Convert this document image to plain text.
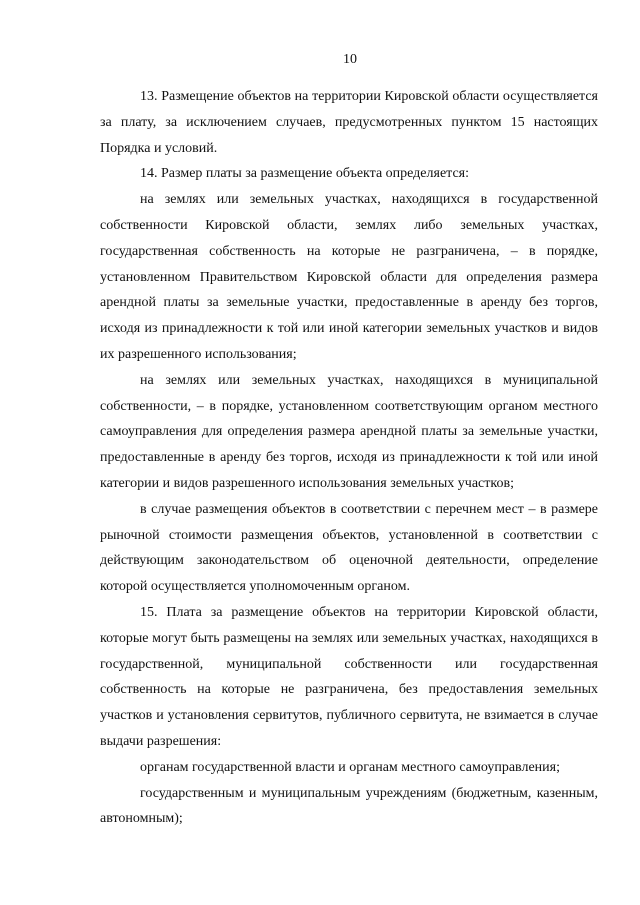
10

13. Размещение объектов на территории Кировской области осуществляется за плату, за исключением случаев, предусмотренных пунктом 15 настоящих Порядка и условий.

14. Размер платы за размещение объекта определяется:

на землях или земельных участках, находящихся в государственной собственности Кировской области, землях либо земельных участках, государственная собственность на которые не разграничена, – в порядке, установленном Правительством Кировской области для определения размера арендной платы за земельные участки, предоставленные в аренду без торгов, исходя из принадлежности к той или иной категории земельных участков и видов их разрешенного использования;

на землях или земельных участках, находящихся в муниципальной собственности, – в порядке, установленном соответствующим органом местного самоуправления для определения размера арендной платы за земельные участки, предоставленные в аренду без торгов, исходя из принадлежности к той или иной категории и видов разрешенного использования земельных участков;

в случае размещения объектов в соответствии с перечнем мест – в размере рыночной стоимости размещения объектов, установленной в соответствии с действующим законодательством об оценочной деятельности, определение которой осуществляется уполномоченным органом.

15. Плата за размещение объектов на территории Кировской области, которые могут быть размещены на землях или земельных участках, находящихся в государственной, муниципальной собственности или государственная собственность на которые не разграничена, без предоставления земельных участков и установления сервитутов, публичного сервитута, не взимается в случае выдачи разрешения:

органам государственной власти и органам местного самоуправления;

государственным и муниципальным учреждениям (бюджетным, казенным, автономным);
